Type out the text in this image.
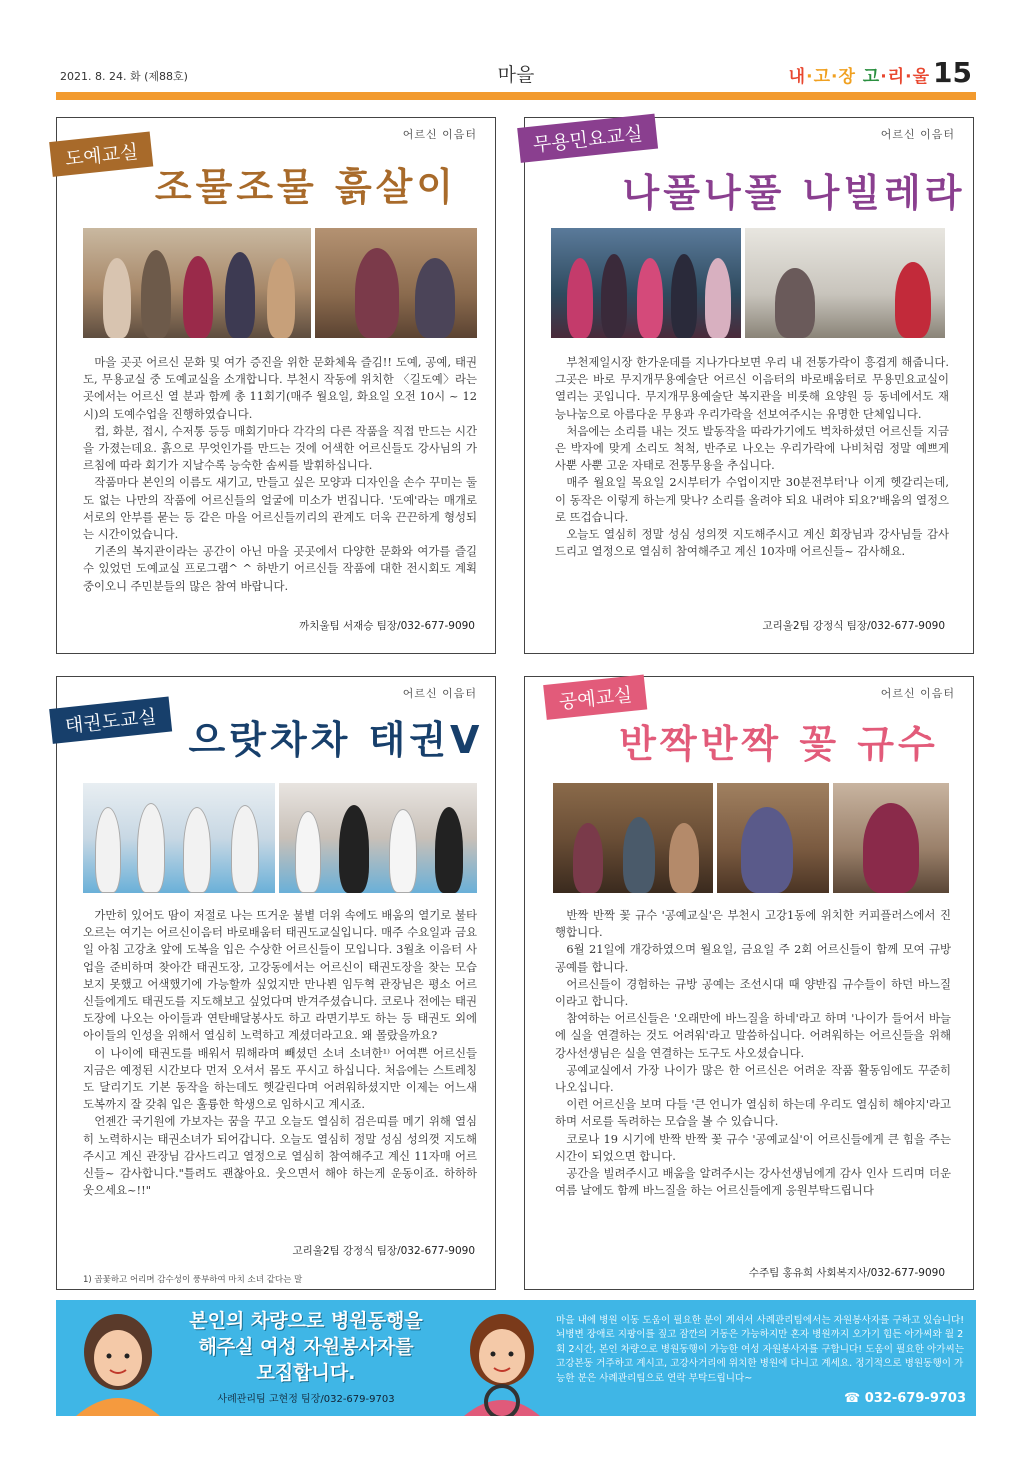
2021. 8. 24. 화 (제88호)	마을	내·고·장 고·리·울 15
도예교실
어르신 이음터
조물조물 흙살이

마을 곳곳 어르신 문화 및 여가 증진을 위한 문화체육 즐김!! 도예, 공예, 태권도, 무용교실 중 도예교실을 소개합니다. 부천시 작동에 위치한 〈길도예〉라는 곳에서는 어르신 열 분과 함께 총 11회기(매주 월요일, 화요일 오전 10시 ~ 12시)의 도예수업을 진행하였습니다.

컵, 화분, 접시, 수저통 등등 매회기마다 각각의 다른 작품을 직접 만드는 시간을 가졌는데요. 흙으로 무엇인가를 만드는 것에 어색한 어르신들도 강사님의 가르침에 따라 회기가 지날수록 능숙한 솜씨를 발휘하십니다.

작품마다 본인의 이름도 새기고, 만들고 싶은 모양과 디자인을 손수 꾸미는 둘도 없는 나만의 작품에 어르신들의 얼굴에 미소가 번집니다. '도예'라는 매개로 서로의 안부를 묻는 등 같은 마을 어르신들끼리의 관계도 더욱 끈끈하게 형성되는 시간이었습니다.

기존의 복지관이라는 공간이 아닌 마을 곳곳에서 다양한 문화와 여가를 즐길 수 있었던 도예교실 프로그램^ ^ 하반기 어르신들 작품에 대한 전시회도 계획 중이오니 주민분들의 많은 참여 바랍니다.

까치울팀 서재승 팀장/032-677-9090
무용민요교실	어르신 이음터
나풀나풀 나빌레라

부천제일시장 한가운데를 지나가다보면 우리 내 전통가락이 흥겹게 해줍니다. 그곳은 바로 무지개무용예술단 어르신 이음터의 바로배움터로 무용민요교실이 열리는 곳입니다. 무지개무용예술단 복지관을 비롯해 요양원 등 동네에서도 재능나눔으로 아름다운 무용과 우리가락을 선보여주시는 유명한 단체입니다.

처음에는 소리를 내는 것도 발동작을 따라가기에도 벅차하셨던 어르신들 지금은 박자에 맞게 소리도 척척, 반주로 나오는 우리가락에 나비처럼 정말 예쁘게 사뿐 사뿐 고운 자태로 전통무용을 추십니다.

매주 월요일 목요일 2시부터가 수업이지만 30분전부터'나 이게 헷갈리는데, 이 동작은 이렇게 하는게 맞나? 소리를 올려야 되요 내려야 되요?'배움의 열정으로 뜨겁습니다.

오늘도 열심히 정말 성심 성의껏 지도해주시고 계신 회장님과 강사님들 감사드리고 열정으로 열심히 참여해주고 계신 10자매 어르신들~ 감사해요.

고리울2팀 강정식 팀장/032-677-9090
태권도교실
어르신 이음터
으랏차차 태권V

가만히 있어도 땀이 저절로 나는 뜨거운 불볕 더위 속에도 배움의 열기로 불타오르는 여기는 어르신이음터 바로배움터 태권도교실입니다. 매주 수요일과 금요일 아침 고강초 앞에 도복을 입은 수상한 어르신들이 모입니다. 3월초 이음터 사업을 준비하며 찾아간 태권도장, 고강동에서는 어르신이 태권도장을 찾는 모습 보지 못했고 어색했기에 가능할까 싶었지만 만나뵌 임두혁 관장님은 평소 어르신들에게도 태권도를 지도해보고 싶었다며 반겨주셨습니다. 코로나 전에는 태권도장에 나오는 아이들과 연탄배달봉사도 하고 라면기부도 하는 등 태권도 외에 아이들의 인성을 위해서 열심히 노력하고 계셨더라고요. 왜 몰랐을까요?

이 나이에 태권도를 배워서 뭐해라며 빼셨던 소녀 소녀한¹⁾ 어여쁜 어르신들 지금은 예정된 시간보다 먼저 오셔서 몸도 푸시고 하십니다. 처음에는 스트레칭도 달리기도 기본 동작을 하는데도 헷갈린다며 어려워하셨지만 이제는 어느새 도복까지 잘 갖춰 입은 훌륭한 학생으로 임하시고 계시죠.

언젠간 국기원에 가보자는 꿈을 꾸고 오늘도 열심히 검은띠를 메기 위해 열심히 노력하시는 태권소녀가 되어갑니다. 오늘도 열심히 정말 성심 성의껏 지도해주시고 계신 관장님 감사드리고 열정으로 열심히 참여해주고 계신 11자매 어르신들~ 감사합니다."틀려도 괜찮아요. 웃으면서 해야 하는게 운동이죠. 하하하 웃으세요~!!"

고리울2팀 강정식 팀장/032-677-9090
1) 곱꽃하고 어리며 감수성이 풍부하여 마치 소녀 같다는 말
공예교실	어르신 이음터
반짝반짝 꽃 규수

반짝 반짝 꽃 규수 '공예교실'은 부천시 고강1동에 위치한 커피플러스에서 진행합니다.

6월 21일에 개강하였으며 월요일, 금요일 주 2회 어르신들이 함께 모여 규방공예를 합니다.

어르신들이 경험하는 규방 공예는 조선시대 때 양반집 규수들이 하던 바느질이라고 합니다.

참여하는 어르신들은 '오래만에 바느질을 하네'라고 하며 '나이가 들어서 바늘에 실을 연결하는 것도 어려워'라고 말씀하십니다. 어려워하는 어르신들을 위해 강사선생님은 실을 연결하는 도구도 사오셨습니다.

공예교실에서 가장 나이가 많은 한 어르신은 어려운 작품 활동임에도 꾸준히 나오십니다.

이런 어르신을 보며 다들 '큰 언니가 열심히 하는데 우리도 열심히 해야지'라고 하며 서로를 독려하는 모습을 볼 수 있습니다.

코로나 19 시기에 반짝 반짝 꽃 규수 '공예교실'이 어르신들에게 큰 힘을 주는 시간이 되었으면 합니다.

공간을 빌려주시고 배움을 알려주시는 강사선생님에게 감사 인사 드리며 더운 여름 날에도 함께 바느질을 하는 어르신들에게 응원부탁드립니다

수주팀 홍유희 사회복지사/032-677-9090
본인의 차량으로 병원동행을
해주실 여성 자원봉사자를
모집합니다.
사례관리팀 고현정 팀장/032-679-9703
마을 내에 병원 이동 도움이 필요한 분이 계셔서 사례관리팀에서는 자원봉사자를 구하고 있습니다! 뇌병변 장애로 지팡이를 짚고 잠깐의 거동은 가능하지만 혼자 병원까지 오가기 힘든 아가씨와 월 2회 2시간, 본인 차량으로 병원동행이 가능한 여성 자원봉사자를 구합니다! 도움이 필요한 아가씨는 고강본동 거주하고 계시고, 고강사거리에 위치한 병원에 다니고 계세요. 정기적으로 병원동행이 가능한 분은 사례관리팀으로 연락 부탁드립니다~
☎ 032-679-9703
